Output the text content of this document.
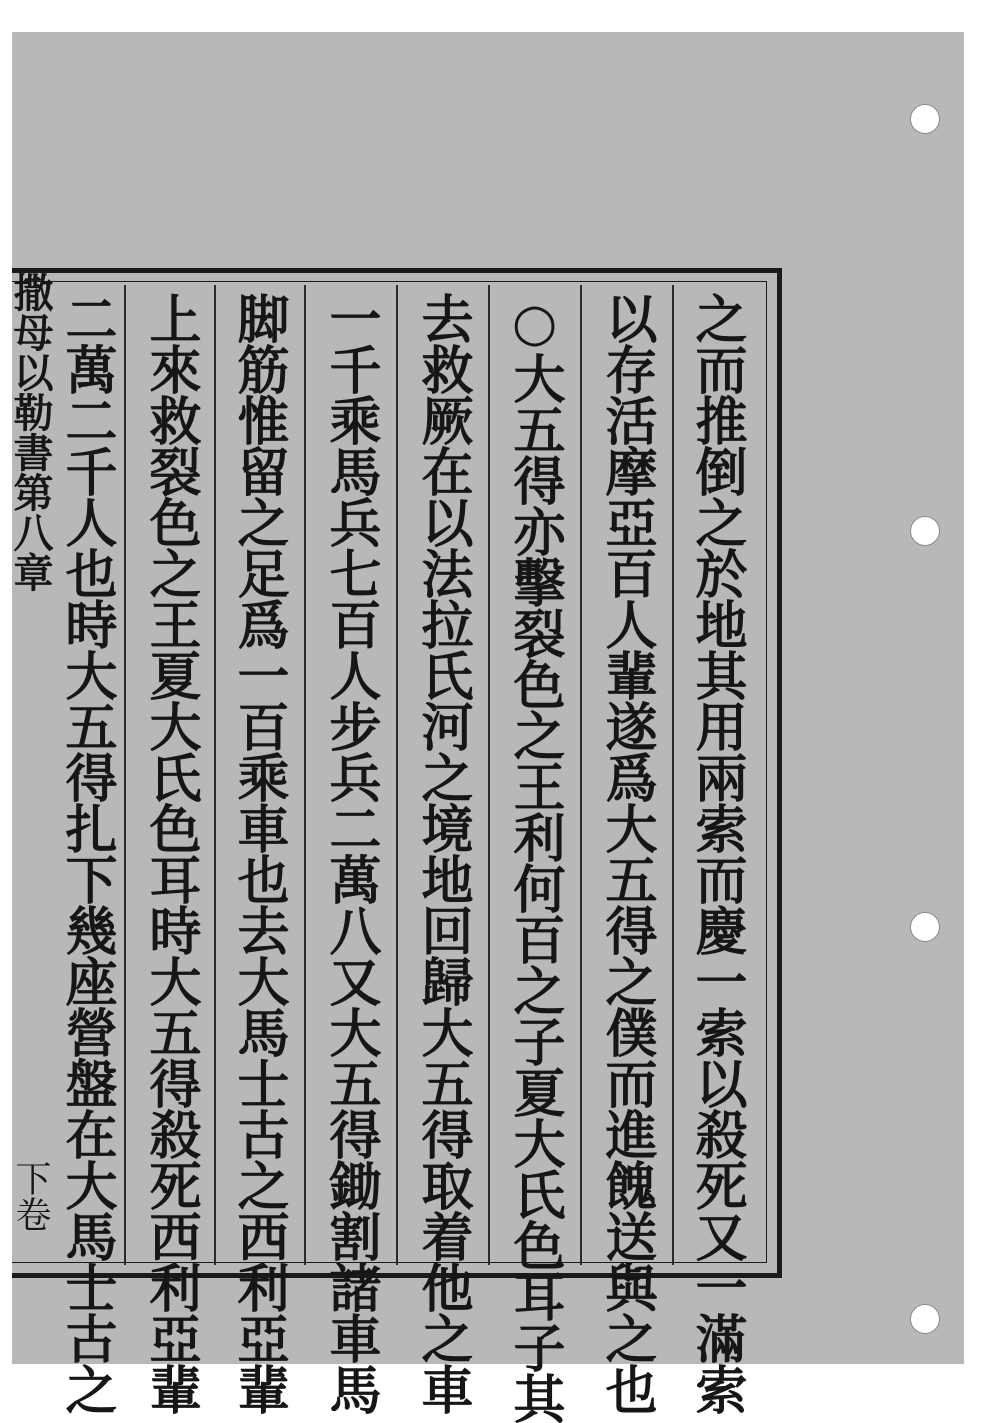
之而推倒之於地其用兩索而慶一索以殺死又一滿索
以存活摩亞百人輩遂爲大五得之僕而進餽送與之也
○大五得亦擊裂色之王利何百之子夏大氏色耳子其
去救厥在以法拉氏河之境地回歸大五得取着他之車
一千乘馬兵七百人步兵二萬八又大五得鋤割諸車馬
脚筋惟留之足爲一百乘車也去大馬士古之西利亞輩
上來救裂色之王夏大氏色耳時大五得殺死西利亞輩
二萬二千人也時大五得扎下幾座營盤在大馬士古之
撒母以勒書第八章
下卷
